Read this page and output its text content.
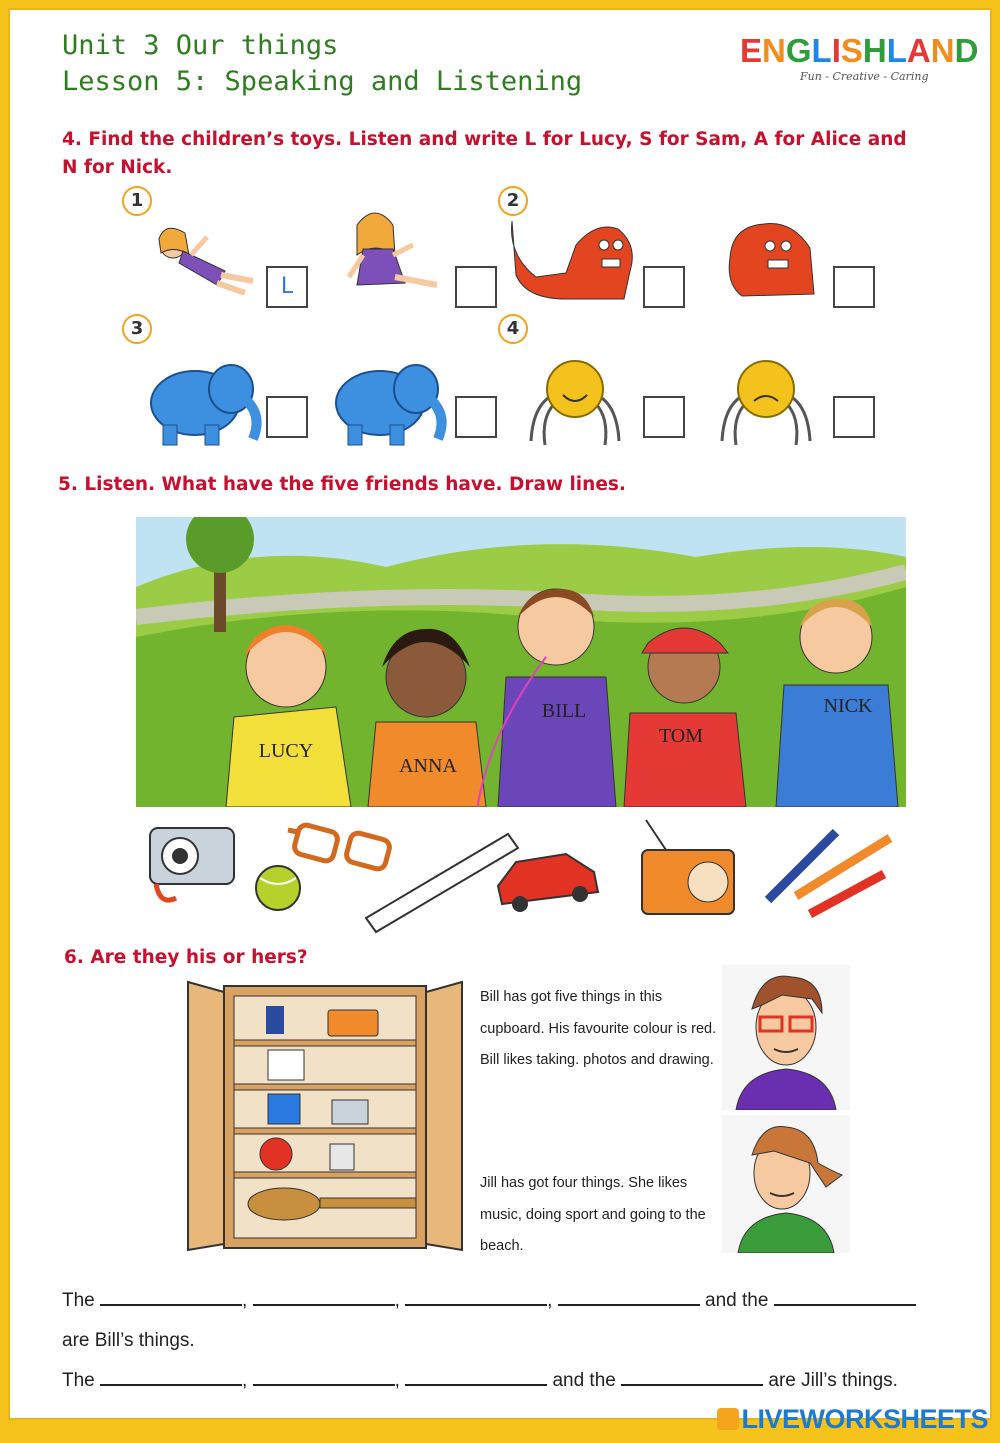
Unit 3 Our things
Lesson 5: Speaking and Listening
ENGLISHLAND
Fun - Creative - Caring
4. Find the children’s toys. Listen and write L for Lucy, S for Sam, A for Alice and N for Nick.
1	2
3	4
L
5. Listen. What have the five friends have. Draw lines.
LUCY
ANNA
BILL
TOM
NICK
6. Are they his or hers?
Bill has got five things in this cupboard. His favourite colour is red. Bill likes taking. photos and drawing.
Jill has got four things. She likes music, doing sport and going to the beach.
The	,	,	,	and the
are Bill’s things.
The	,	,	and the	are Jill’s things.
LIVEWORKSHEETS
